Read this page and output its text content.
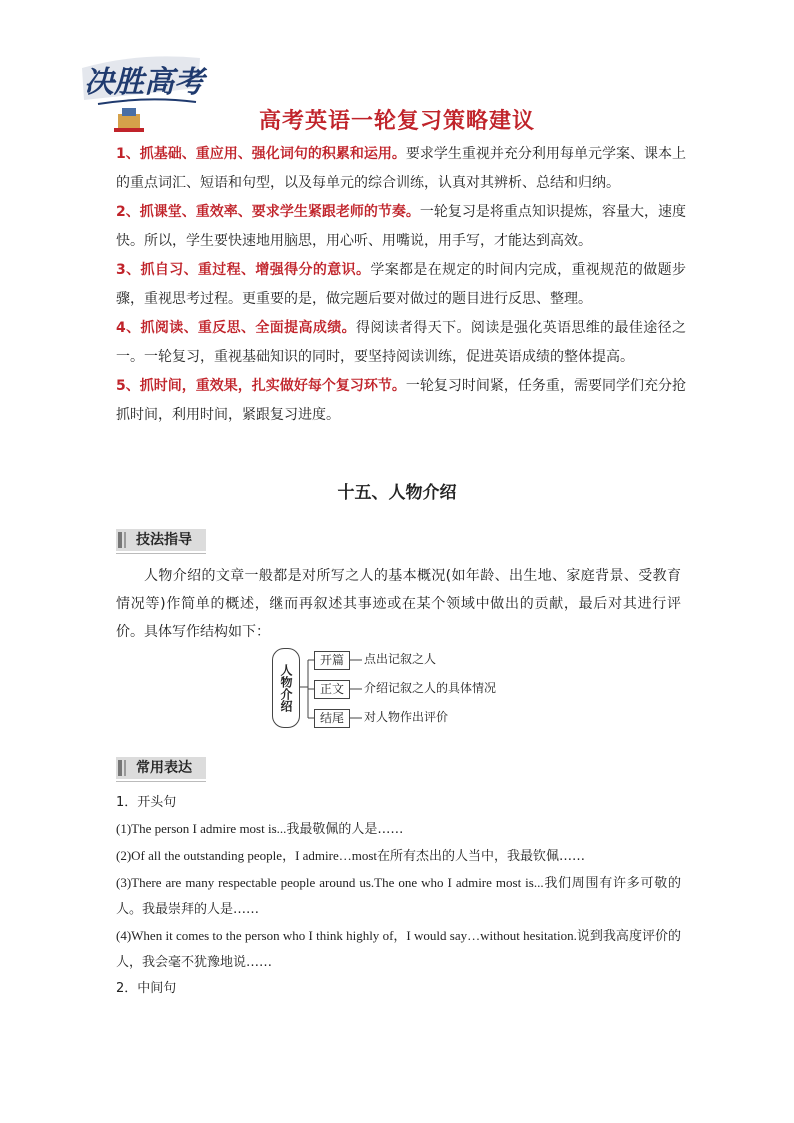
决胜高考
高考英语一轮复习策略建议

1、抓基础、重应用、强化词句的积累和运用。要求学生重视并充分利用每单元学案、课本上的重点词汇、短语和句型，以及每单元的综合训练，认真对其辨析、总结和归纳。

2、抓课堂、重效率、要求学生紧跟老师的节奏。一轮复习是将重点知识提炼，容量大，速度快。所以，学生要快速地用脑思，用心听、用嘴说，用手写，才能达到高效。

3、抓自习、重过程、增强得分的意识。学案都是在规定的时间内完成，重视规范的做题步骤，重视思考过程。更重要的是，做完题后要对做过的题目进行反思、整理。

4、抓阅读、重反思、全面提高成绩。得阅读者得天下。阅读是强化英语思维的最佳途径之一。一轮复习，重视基础知识的同时，要坚持阅读训练，促进英语成绩的整体提高。

5、抓时间，重效果，扎实做好每个复习环节。一轮复习时间紧，任务重，需要同学们充分抢抓时间，利用时间，紧跟复习进度。

十五、人物介绍
技法指导

人物介绍的文章一般都是对所写之人的基本概况(如年龄、出生地、家庭背景、受教育情况等)作简单的概述，继而再叙述其事迹或在某个领域中做出的贡献，最后对其进行评价。具体写作结构如下：

人物介绍
开篇	点出记叙之人
正文	介绍记叙之人的具体情况
结尾	对人物作出评价
常用表达

1．开头句

(1)The person I admire most is...我最敬佩的人是……

(2)Of all the outstanding people，I admire…most在所有杰出的人当中，我最钦佩……

(3)There are many respectable people around us.The one who I admire most is...我们周围有许多可敬的人。我最崇拜的人是……

(4)When it comes to the person who I think highly of，I would say…without hesitation.说到我高度评价的人，我会毫不犹豫地说……

2．中间句
